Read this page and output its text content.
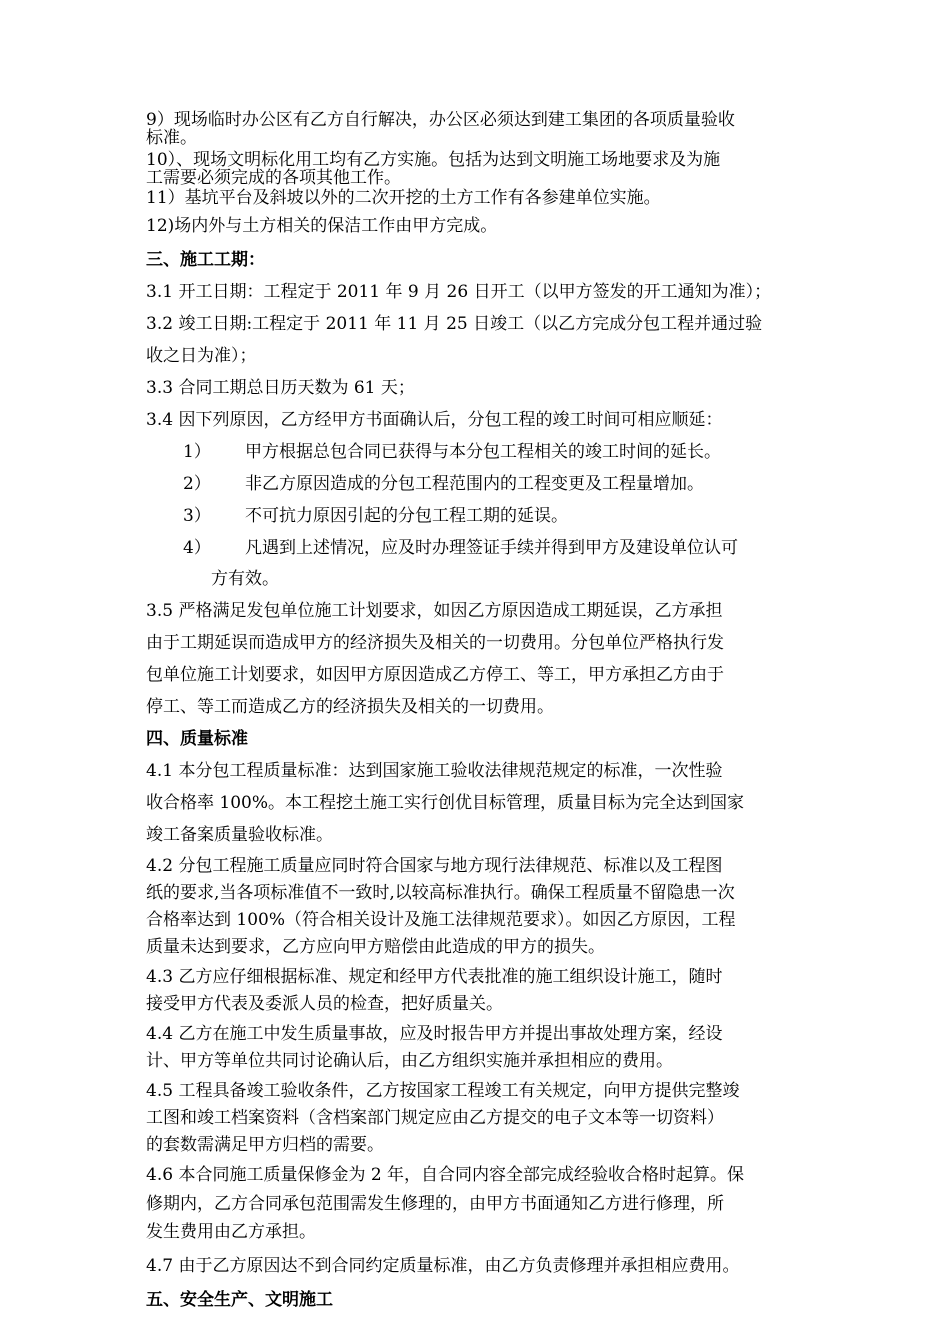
9）现场临时办公区有乙方自行解决，办公区必须达到建工集团的各项质量验收
标准。
10）、现场文明标化用工均有乙方实施。包括为达到文明施工场地要求及为施
工需要必须完成的各项其他工作。
11）基坑平台及斜坡以外的二次开挖的土方工作有各参建单位实施。
12)场内外与土方相关的保洁工作由甲方完成。
三、施工工期：
3.1 开工日期：工程定于 2011 年 9 月 26 日开工（以甲方签发的开工通知为准）；
3.2 竣工日期:工程定于 2011 年 11 月 25 日竣工（以乙方完成分包工程并通过验
收之日为准）；
3.3 合同工期总日历天数为 61 天；
3.4 因下列原因，乙方经甲方书面确认后，分包工程的竣工时间可相应顺延：
1） 甲方根据总包合同已获得与本分包工程相关的竣工时间的延长。
2） 非乙方原因造成的分包工程范围内的工程变更及工程量增加。
3） 不可抗力原因引起的分包工程工期的延误。
4） 凡遇到上述情况，应及时办理签证手续并得到甲方及建设单位认可
方有效。
3.5 严格满足发包单位施工计划要求，如因乙方原因造成工期延误，乙方承担
由于工期延误而造成甲方的经济损失及相关的一切费用。分包单位严格执行发
包单位施工计划要求，如因甲方原因造成乙方停工、等工，甲方承担乙方由于
停工、等工而造成乙方的经济损失及相关的一切费用。
四、质量标准
4.1 本分包工程质量标准：达到国家施工验收法律规范规定的标准，一次性验
收合格率 100%。本工程挖土施工实行创优目标管理，质量目标为完全达到国家
竣工备案质量验收标准。
4.2 分包工程施工质量应同时符合国家与地方现行法律规范、标准以及工程图
纸的要求,当各项标准值不一致时,以较高标准执行。确保工程质量不留隐患一次
合格率达到 100%（符合相关设计及施工法律规范要求）。如因乙方原因，工程
质量未达到要求，乙方应向甲方赔偿由此造成的甲方的损失。
4.3 乙方应仔细根据标准、规定和经甲方代表批准的施工组织设计施工，随时
接受甲方代表及委派人员的检查，把好质量关。
4.4 乙方在施工中发生质量事故，应及时报告甲方并提出事故处理方案，经设
计、甲方等单位共同讨论确认后，由乙方组织实施并承担相应的费用。
4.5 工程具备竣工验收条件，乙方按国家工程竣工有关规定，向甲方提供完整竣
工图和竣工档案资料（含档案部门规定应由乙方提交的电子文本等一切资料）
的套数需满足甲方归档的需要。
4.6 本合同施工质量保修金为 2 年，自合同内容全部完成经验收合格时起算。保
修期内，乙方合同承包范围需发生修理的，由甲方书面通知乙方进行修理，所
发生费用由乙方承担。
4.7 由于乙方原因达不到合同约定质量标准，由乙方负责修理并承担相应费用。
五、安全生产、文明施工
